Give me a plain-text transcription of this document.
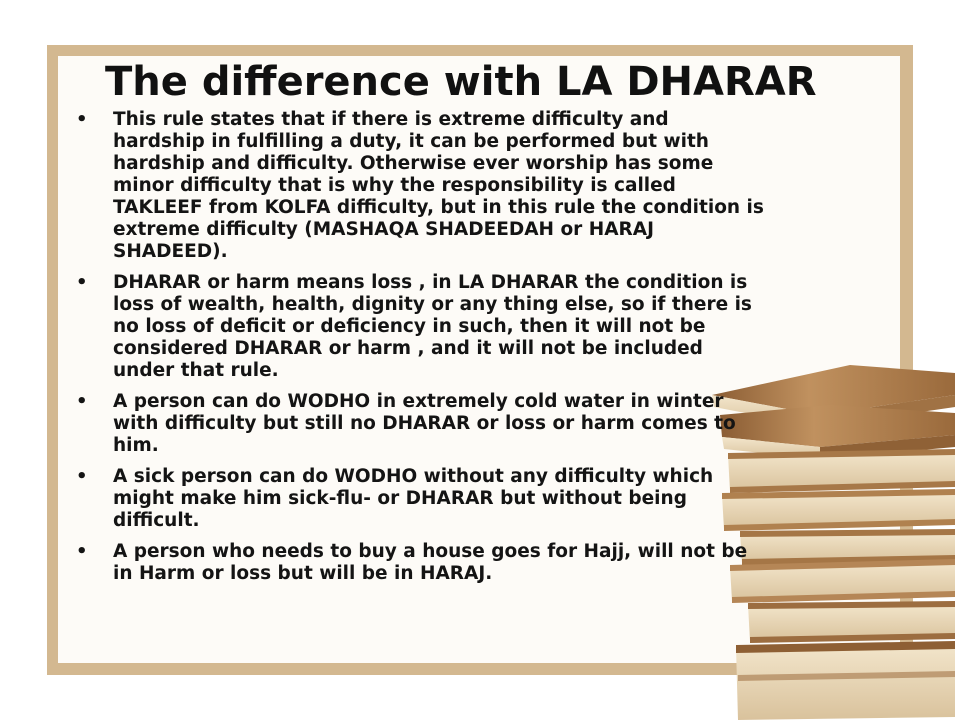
The difference with LA DHARAR
•	This rule states that if there is extreme difficulty and hardship in fulfilling a duty, it can be performed but with hardship and difficulty. Otherwise ever worship has some minor difficulty that is why the responsibility is called TAKLEEF from KOLFA difficulty, but in this rule the condition is extreme difficulty (MASHAQA SHADEEDAH or HARAJ SHADEED).
•	DHARAR or harm means loss , in LA DHARAR the condition is loss of wealth, health, dignity or any thing else, so if there is no loss of deficit or deficiency in such, then it will not be considered DHARAR or harm , and it will not be included under that rule.
•	A person can do WODHO in extremely cold water in winter with difficulty but still no DHARAR or loss or harm comes to him.
•	A sick person can do WODHO without any difficulty which might make him sick-flu- or DHARAR but without being difficult.
•	A person who needs to buy a house goes for Hajj, will not be in Harm or loss but will be in HARAJ.
